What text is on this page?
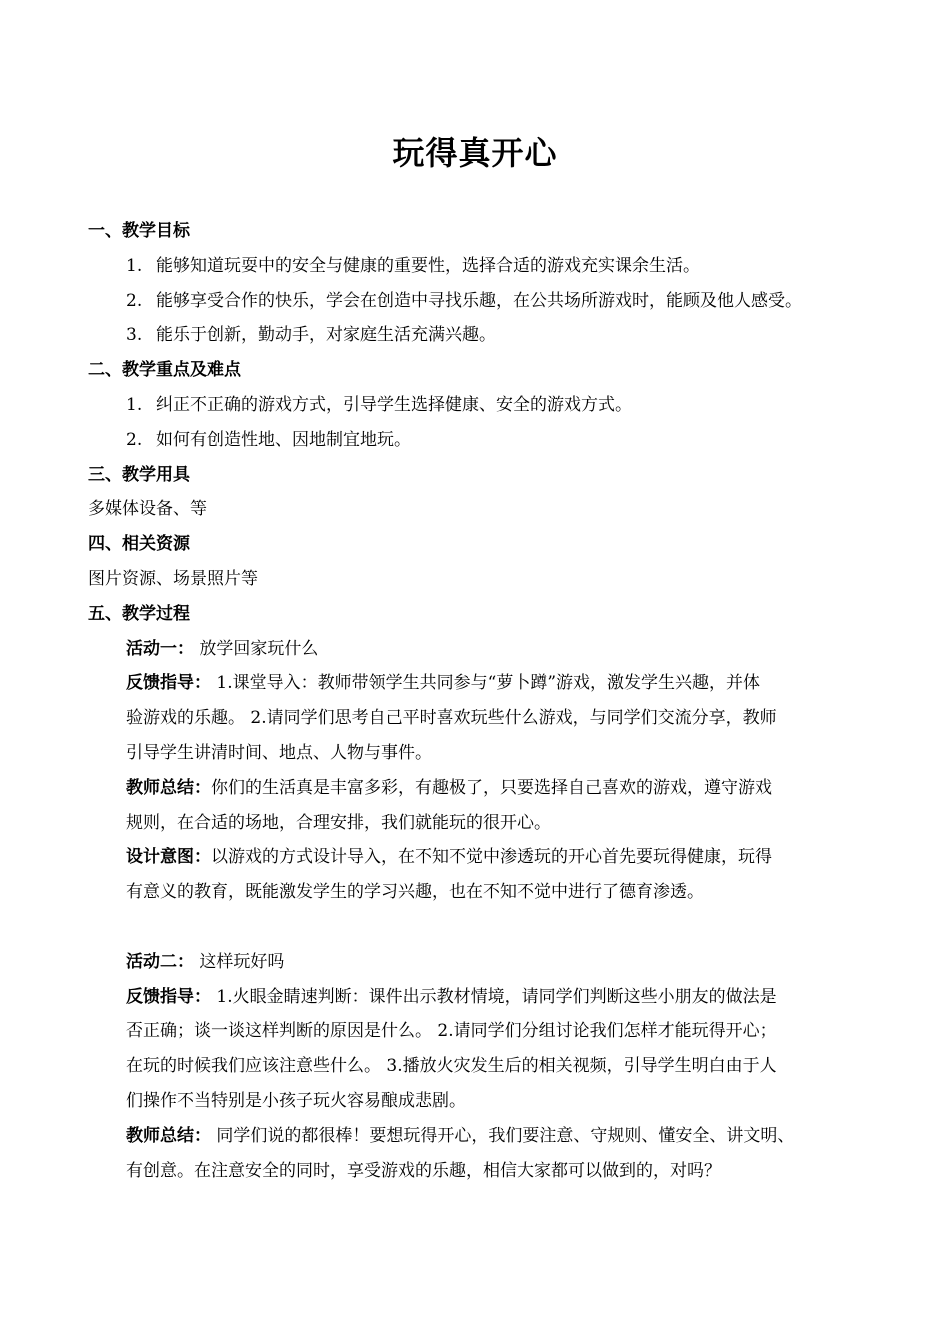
玩得真开心
一、教学目标
1. 能够知道玩耍中的安全与健康的重要性，选择合适的游戏充实课余生活。
2. 能够享受合作的快乐，学会在创造中寻找乐趣，在公共场所游戏时，能顾及他人感受。
3. 能乐于创新，勤动手，对家庭生活充满兴趣。
二、教学重点及难点
1. 纠正不正确的游戏方式，引导学生选择健康、安全的游戏方式。
2. 如何有创造性地、因地制宜地玩。
三、教学用具
多媒体设备、等
四、相关资源
图片资源、场景照片等
五、教学过程
活动一： 放学回家玩什么
反馈指导： 1.课堂导入：教师带领学生共同参与“萝卜蹲”游戏，激发学生兴趣，并体
验游戏的乐趣。 2.请同学们思考自己平时喜欢玩些什么游戏，与同学们交流分享，教师
引导学生讲清时间、地点、人物与事件。
教师总结：你们的生活真是丰富多彩，有趣极了，只要选择自己喜欢的游戏，遵守游戏
规则，在合适的场地，合理安排，我们就能玩的很开心。
设计意图：以游戏的方式设计导入，在不知不觉中渗透玩的开心首先要玩得健康，玩得
有意义的教育，既能激发学生的学习兴趣，也在不知不觉中进行了德育渗透。
活动二： 这样玩好吗
反馈指导： 1.火眼金睛速判断：课件出示教材情境，请同学们判断这些小朋友的做法是
否正确；谈一谈这样判断的原因是什么。 2.请同学们分组讨论我们怎样才能玩得开心；
在玩的时候我们应该注意些什么。 3.播放火灾发生后的相关视频，引导学生明白由于人
们操作不当特别是小孩子玩火容易酿成悲剧。
教师总结： 同学们说的都很棒！要想玩得开心，我们要注意、守规则、懂安全、讲文明、
有创意。在注意安全的同时，享受游戏的乐趣，相信大家都可以做到的，对吗？
